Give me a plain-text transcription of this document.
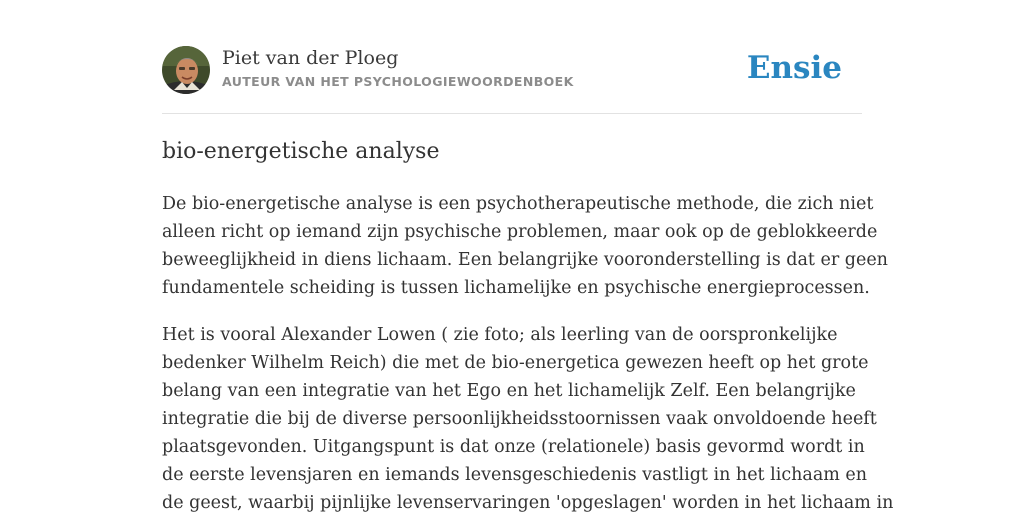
Piet van der Ploeg
AUTEUR VAN HET PSYCHOLOGIEWOORDENBOEK	Ensie
bio-energetische analyse

De bio-energetische analyse is een psychotherapeutische methode, die zich niet
alleen richt op iemand zijn psychische problemen, maar ook op de geblokkeerde
beweeglijkheid in diens lichaam. Een belangrijke vooronderstelling is dat er geen
fundamentele scheiding is tussen lichamelijke en psychische energieprocessen.

Het is vooral Alexander Lowen ( zie foto; als leerling van de oorspronkelijke
bedenker Wilhelm Reich) die met de bio-energetica gewezen heeft op het grote
belang van een integratie van het Ego en het lichamelijk Zelf. Een belangrijke
integratie die bij de diverse persoonlijkheidsstoornissen vaak onvoldoende heeft
plaatsgevonden. Uitgangspunt is dat onze (relationele) basis gevormd wordt in
de eerste levensjaren en iemands levensgeschiedenis vastligt in het lichaam en
de geest, waarbij pijnlijke levenservaringen 'opgeslagen' worden in het lichaam in
